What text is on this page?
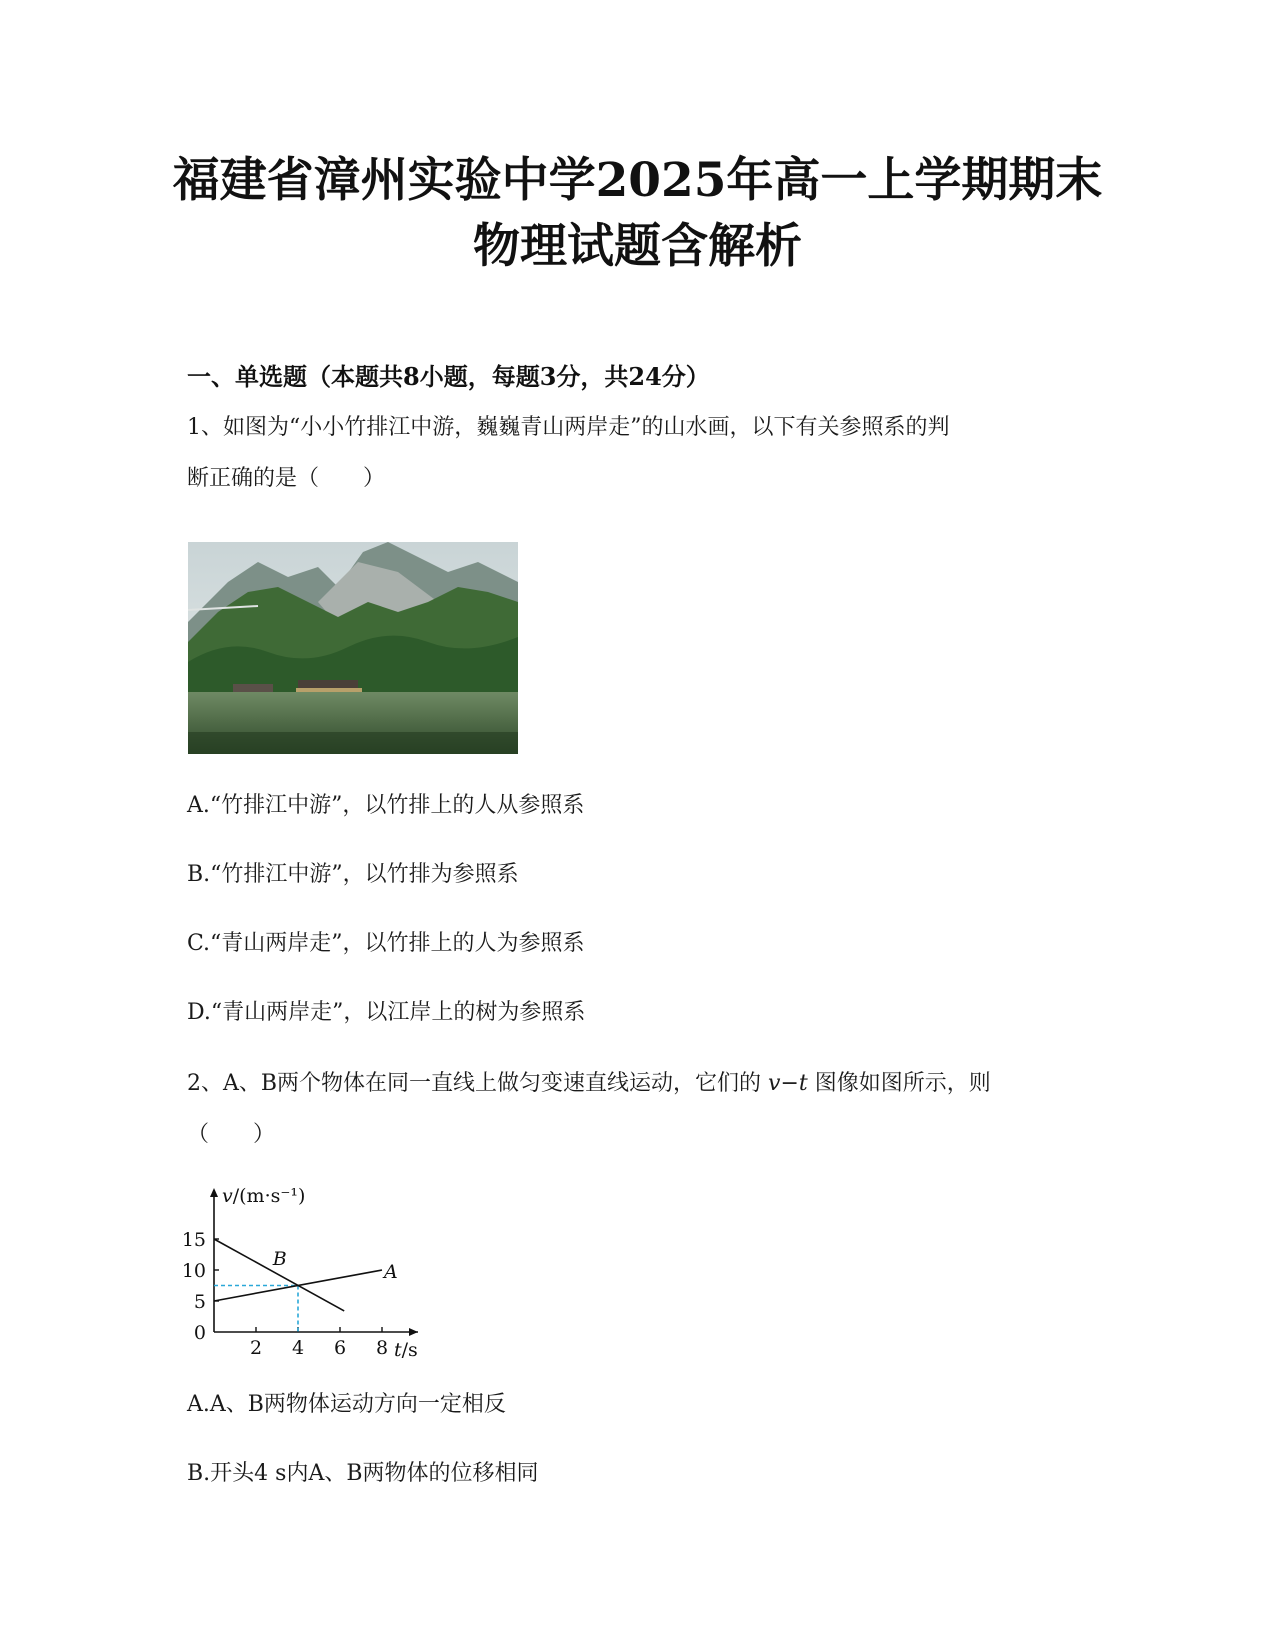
福建省漳州实验中学2025年高一上学期期末
物理试题含解析
一、单选题（本题共8小题，每题3分，共24分）
1、如图为“小小竹排江中游，巍巍青山两岸走”的山水画，以下有关参照系的判
断正确的是（　　）
A.“竹排江中游”，以竹排上的人从参照系
B.“竹排江中游”，以竹排为参照系
C.“青山两岸走”，以竹排上的人为参照系
D.“青山两岸走”，以江岸上的树为参照系
2、A、B两个物体在同一直线上做匀变速直线运动，它们的 v−t 图像如图所示，则
（　　）
0
5
10
15
2 4 6 8
v/(m·s⁻¹)
t/s
A
B
A.A、B两物体运动方向一定相反
B.开头4 s内A、B两物体的位移相同
